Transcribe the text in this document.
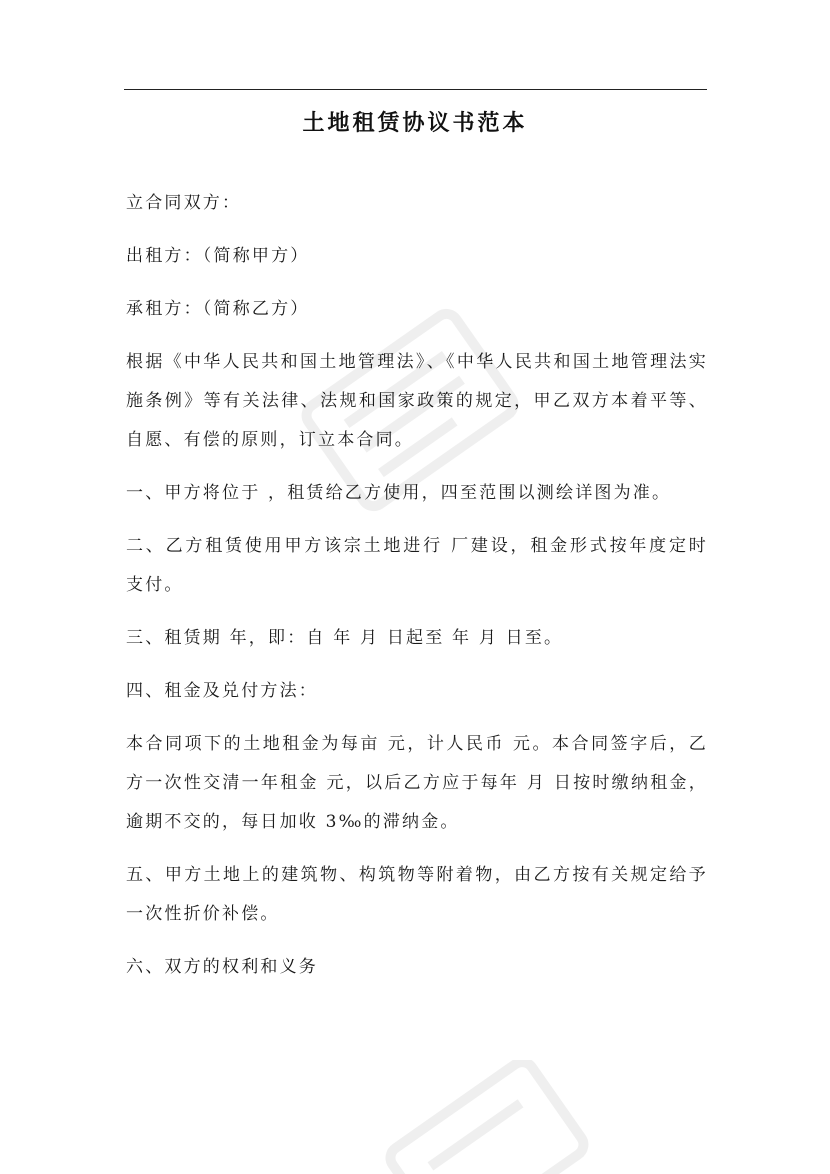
土地租赁协议书范本

立合同双方：

出租方：（简称甲方）

承租方：（简称乙方）

根据《中华人民共和国土地管理法》、《中华人民共和国土地管理法实施条例》等有关法律、法规和国家政策的规定，甲乙双方本着平等、自愿、有偿的原则，订立本合同。

一、甲方将位于 ，租赁给乙方使用，四至范围以测绘详图为准。

二、乙方租赁使用甲方该宗土地进行 厂建设，租金形式按年度定时支付。

三、租赁期 年，即：自 年 月 日起至 年 月 日至。

四、租金及兑付方法：

本合同项下的土地租金为每亩 元，计人民币 元。本合同签字后，乙方一次性交清一年租金 元，以后乙方应于每年 月 日按时缴纳租金，逾期不交的，每日加收 3‰的滞纳金。

五、甲方土地上的建筑物、构筑物等附着物，由乙方按有关规定给予一次性折价补偿。

六、双方的权利和义务
